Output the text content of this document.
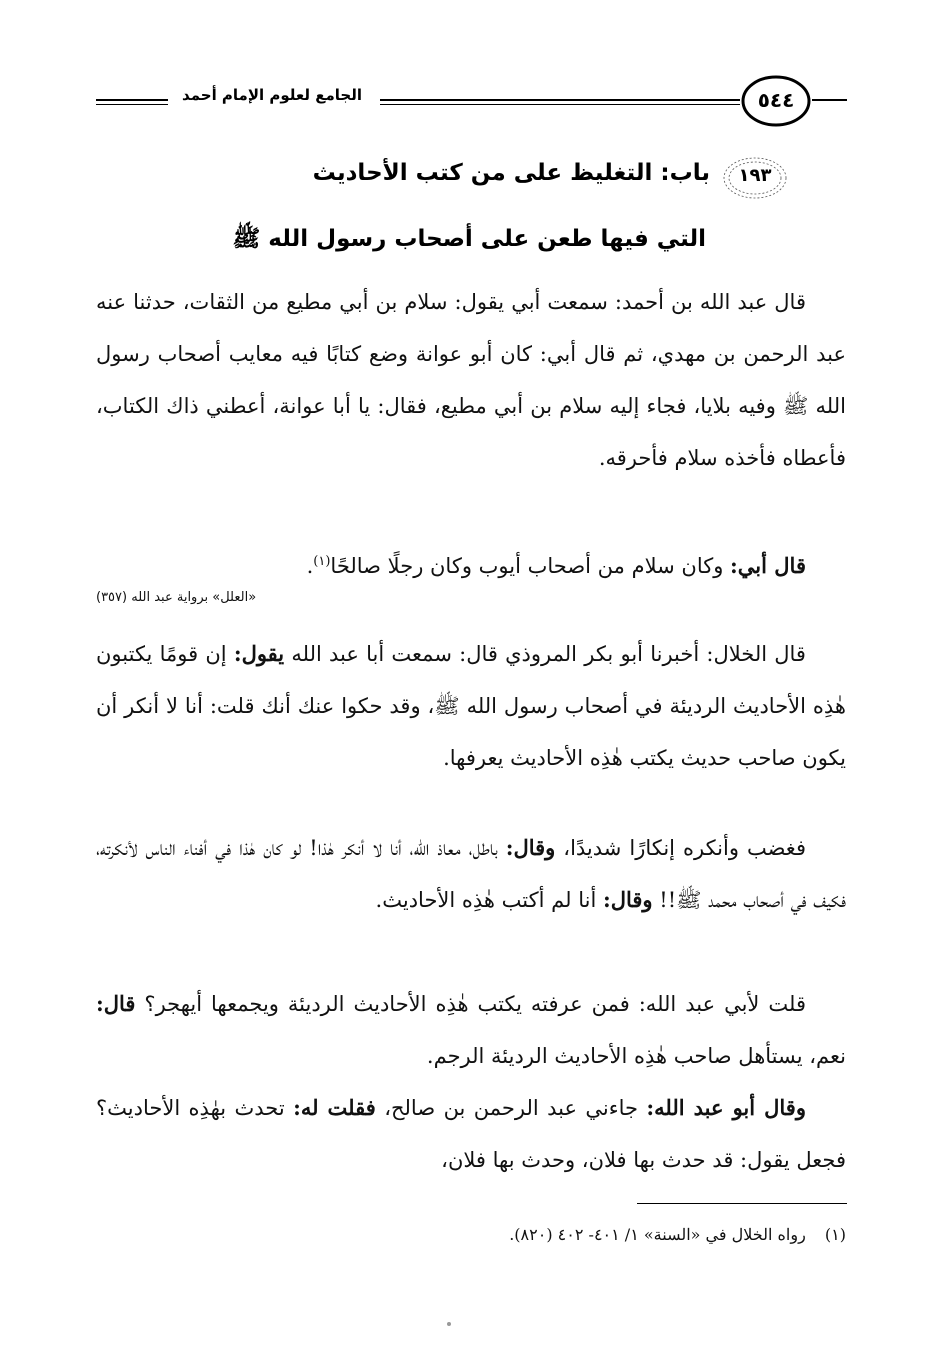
الجامع لعلوم الإمام أحمد	٥٤٤
١٩٣
باب: التغليظ على من كتب الأحاديث
التي فيها طعن على أصحاب رسول الله ﷺ

قال عبد الله بن أحمد: سمعت أبي يقول: سلام بن أبي مطيع من الثقات، حدثنا عنه عبد الرحمن بن مهدي، ثم قال أبي: كان أبو عوانة وضع كتابًا فيه معايب أصحاب رسول الله ﷺ وفيه بلايا، فجاء إليه سلام بن أبي مطيع، فقال: يا أبا عوانة، أعطني ذاك الكتاب، فأعطاه فأخذه سلام فأحرقه.

قال أبي: وكان سلام من أصحاب أيوب وكان رجلًا صالحًا$^{(١)}$.

«العلل» برواية عبد الله (٣٥٧)

قال الخلال: أخبرنا أبو بكر المروذي قال: سمعت أبا عبد الله يقول: إن قومًا يكتبون هٰذِه الأحاديث الرديئة في أصحاب رسول الله ﷺ، وقد حكوا عنك أنك قلت: أنا لا أنكر أن يكون صاحب حديث يكتب هٰذِه الأحاديث يعرفها.

فغضب وأنكره إنكارًا شديدًا، وقال: باطل، معاذ الله، أنا لا أنكر هٰذا! لو كان هٰذا في أفناء الناس لأنكرته، فكيف في أصحاب محمد ﷺ!! وقال: أنا لم أكتب هٰذِه الأحاديث.

قلت لأبي عبد الله: فمن عرفته يكتب هٰذِه الأحاديث الرديئة ويجمعها أيهجر؟ قال: نعم، يستأهل صاحب هٰذِه الأحاديث الرديئة الرجم.

وقال أبو عبد الله: جاءني عبد الرحمن بن صالح، فقلت له: تحدث بهٰذِه الأحاديث؟ فجعل يقول: قد حدث بها فلان، وحدث بها فلان،

(١) رواه الخلال في «السنة» ١/ ٤٠١- ٤٠٢ (٨٢٠).
